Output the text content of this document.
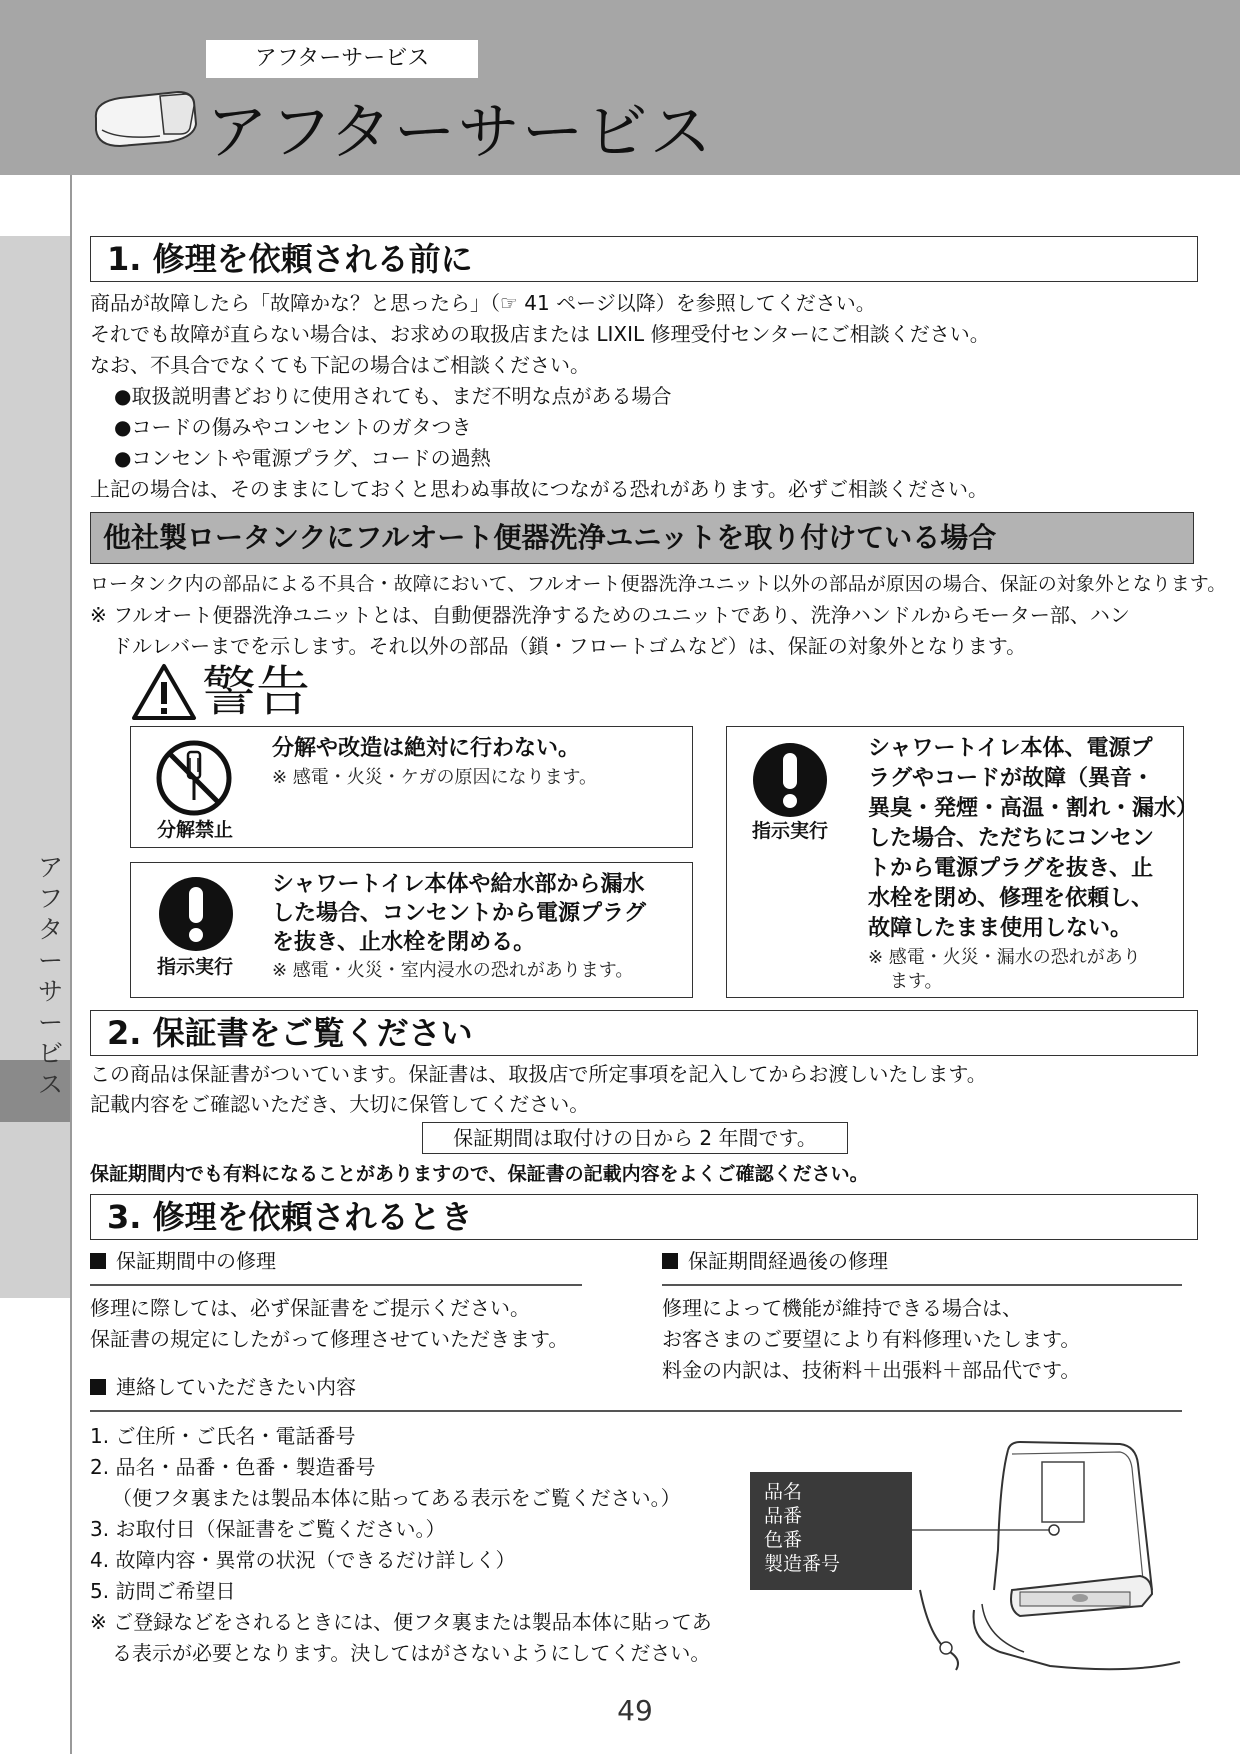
アフターサービス
アフターサービス
アフターサービス
1. 修理を依頼される前に
商品が故障したら「故障かな？と思ったら」（☞ 41 ページ以降）を参照してください。
それでも故障が直らない場合は、お求めの取扱店または LIXIL 修理受付センターにご相談ください。
なお、不具合でなくても下記の場合はご相談ください。
●取扱説明書どおりに使用されても、まだ不明な点がある場合
●コードの傷みやコンセントのガタつき
●コンセントや電源プラグ、コードの過熱
上記の場合は、そのままにしておくと思わぬ事故につながる恐れがあります。必ずご相談ください。
他社製ロータンクにフルオート便器洗浄ユニットを取り付けている場合
ロータンク内の部品による不具合・故障において、フルオート便器洗浄ユニット以外の部品が原因の場合、保証の対象外となります。
※ フルオート便器洗浄ユニットとは、自動便器洗浄するためのユニットであり、洗浄ハンドルからモーター部、ハン
ドルレバーまでを示します。それ以外の部品（鎖・フロートゴムなど）は、保証の対象外となります。
警告
分解禁止
分解や改造は絶対に行わない。
※ 感電・火災・ケガの原因になります。
指示実行
シャワートイレ本体や給水部から漏水
した場合、コンセントから電源プラグ
を抜き、止水栓を閉める。
※ 感電・火災・室内浸水の恐れがあります。
指示実行
シャワートイレ本体、電源プ
ラグやコードが故障（異音・
異臭・発煙・高温・割れ・漏水）
した場合、ただちにコンセン
トから電源プラグを抜き、止
水栓を閉め、修理を依頼し、
故障したまま使用しない。
※ 感電・火災・漏水の恐れがあり
ます。
2. 保証書をご覧ください
この商品は保証書がついています。保証書は、取扱店で所定事項を記入してからお渡しいたします。
記載内容をご確認いただき、大切に保管してください。
保証期間は取付けの日から 2 年間です。
保証期間内でも有料になることがありますので、保証書の記載内容をよくご確認ください。
3. 修理を依頼されるとき
保証期間中の修理
修理に際しては、必ず保証書をご提示ください。
保証書の規定にしたがって修理させていただきます。
保証期間経過後の修理
修理によって機能が維持できる場合は、
お客さまのご要望により有料修理いたします。
料金の内訳は、技術料＋出張料＋部品代です。
連絡していただきたい内容
1. ご住所・ご氏名・電話番号
2. 品名・品番・色番・製造番号
（便フタ裏または製品本体に貼ってある表示をご覧ください。）
3. お取付日（保証書をご覧ください。）
4. 故障内容・異常の状況（できるだけ詳しく）
5. 訪問ご希望日
※ ご登録などをされるときには、便フタ裏または製品本体に貼ってあ
る表示が必要となります。決してはがさないようにしてください。
品名
品番
色番
製造番号
49
